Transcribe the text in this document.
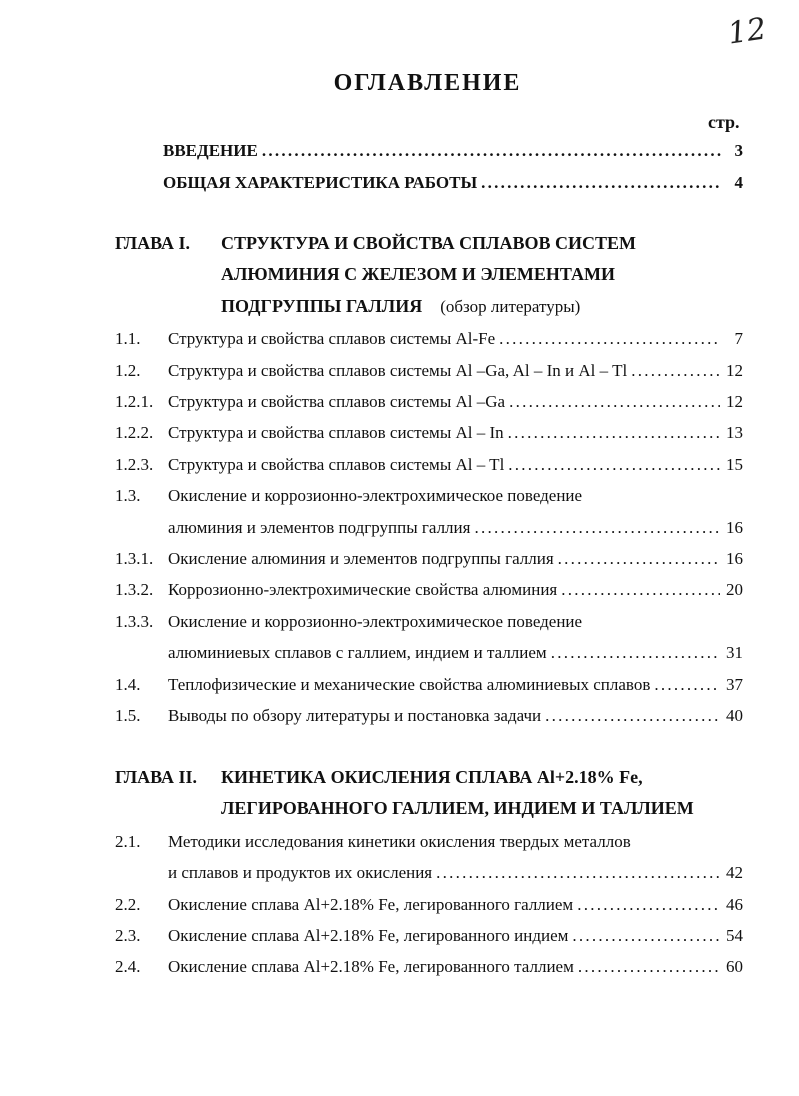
12
ОГЛАВЛЕНИЕ
стр.
ВВЕДЕНИЕ . . .	3
ОБЩАЯ ХАРАКТЕРИСТИКА РАБОТЫ . . .	4
ГЛАВА I. СТРУКТУРА И СВОЙСТВА СПЛАВОВ СИСТЕМ
АЛЮМИНИЯ С ЖЕЛЕЗОМ И ЭЛЕМЕНТАМИ
ПОДГРУППЫ ГАЛЛИЯ (обзор литературы)
1.1.	Структура и свойства сплавов системы Al-Fe . . .	7
1.2.	Структура и свойства сплавов системы Al –Ga, Al – In и Al – Tl . . .	12
1.2.1. Структура и свойства сплавов системы Al –Ga . . .	12
1.2.2. Структура и свойства сплавов системы Al – In . . .	13
1.2.3. Структура и свойства сплавов системы Al – Tl . . .	15
1.3.	Окисление и коррозионно-электрохимическое поведение
алюминия и элементов подгруппы галлия . . .	16
1.3.1. Окисление алюминия и элементов подгруппы галлия . . .	16
1.3.2. Коррозионно-электрохимические свойства алюминия . . .	20
1.3.3. Окисление и коррозионно-электрохимическое поведение
алюминиевых сплавов с галлием, индием и таллием . . .	31
1.4.	Теплофизические и механические свойства алюминиевых сплавов . . .	37
1.5.	Выводы по обзору литературы и постановка задачи . . .	40
ГЛАВА II. КИНЕТИКА ОКИСЛЕНИЯ СПЛАВА Al+2.18% Fe,
ЛЕГИРОВАННОГО ГАЛЛИЕМ, ИНДИЕМ И ТАЛЛИЕМ
2.1.	Методики исследования кинетики окисления твердых металлов
и сплавов и продуктов их окисления . . .	42
2.2.	Окисление сплава Al+2.18% Fe, легированного галлием . . .	46
2.3.	Окисление сплава Al+2.18% Fe, легированного индием . . .	54
2.4.	Окисление сплава Al+2.18% Fe, легированного таллием . . .	60
